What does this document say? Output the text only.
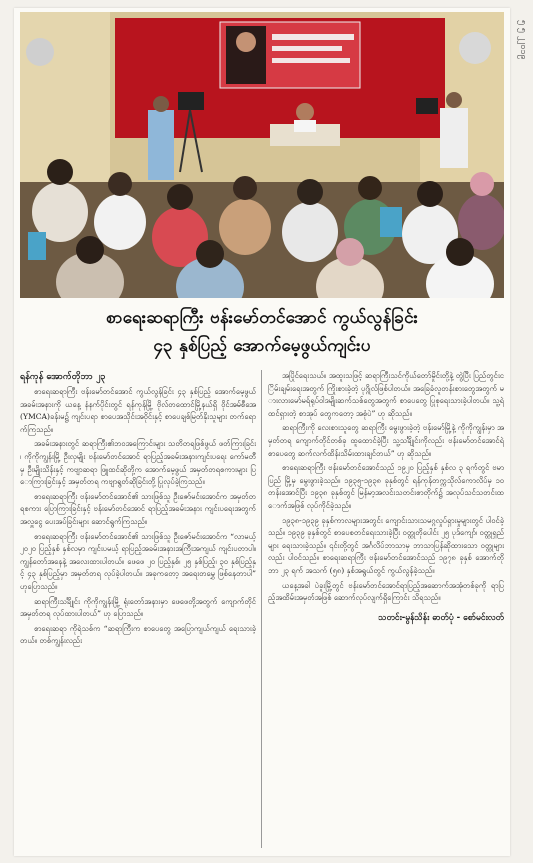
စာရေးဆရာကြီး ဗန်းမော်တင်အောင် ကွယ်လွန်ခြင်း
၄၃ နှစ်ပြည့် အောက်မေ့ဖွယ်ကျင်းပ
ရန်ကုန် အောက်တိုဘာ ၂၃

စာရေးဆရာကြီး ဗန်းမော်တင်အောင် ကွယ်လွန်ခြင်း ၄၃ နှစ်ပြည့် အောက်မေ့ဖွယ်အခမ်းအနားကို ယနေ့ နံနက်ပိုင်းတွင် ရန်ကုန်မြို့ ဗိုလ်တထောင်မြို့နယ်ရှိ ဝိုင်အမ်စီအေ (YMCA)ခန်းမ၌ ကျင်းပရာ စာပေအသိုင်းအဝိုင်းနှင့် စာပေချစ်မြတ်နိုးသူများ တက်ရောက်ကြသည်။

အခမ်းအနားတွင် ဆရာကြီး၏ဘဝအကြောင်းများ သတိတရဖြစ်ဖွယ် ဖတ်ကြားခြင်း၊ ကိုကိုကျွန်းမြို့ ဦးလှမျိုး ဗန်းမော်တင်အောင် ရာပြည့်အခမ်းအနားကျင်းပရေး ကော်မတီမှ ဦးမျိုးသိန်းနှင့် ကဗျာဆရာ ဖြူထင်ဆိုတို့က အောက်မေ့ဖွယ် အမှတ်တရစကားများ ပြောကြားခြင်းနှင့် အမှတ်တရ ကဗျာရွတ်ဆိုခြင်းတို့ ပြုလုပ်ခဲ့ကြသည်။

စာရေးဆရာကြီး ဗန်းမော်တင်အောင်၏ သားဖြစ်သူ ဦးဇော်မင်းအောင်က အမှတ်တရစကား ပြောကြားခြင်းနှင့် ဗန်းမော်တင်အောင် ရာပြည့်အခမ်းအနား ကျင်းပရေးအတွက် အလှူငွေ ပေးအပ်ခြင်းများ ဆောင်ရွက်ကြသည်။

စာရေးဆရာကြီး ဗန်းမော်တင်အောင်၏ သားဖြစ်သူ ဦးဇော်မင်းအောင်က “လာမယ့် ၂၀၂၀ ပြည့်နှစ် နှစ်လမှာ ကျင်းပမယ့် ရာပြည့်အခမ်းအနားအကြီးအကျယ် ကျင်းပတာပါ။ ကျွန်တော်အနေနဲ့ အလေးထားပါတယ်။ ဖေဖေ ၂၀ ပြည့်နှစ်၊ ၂၅ နှစ်ပြည့်၊ ၃၀ နှစ်ပြည့်နှင့် ၄၃ နှစ်ပြည့်မှာ အမှတ်တရ လုပ်ခဲ့ပါတယ်။ အခုကတော့ အရေးတမွှေ ဖြစ်နေတာပါ” ဟုပြောသည်။

ဆရာကြီးသင်္ချိုင်း ကိုကိုကျွန်းမြို့ ရုံးတော်အနားမှာ ဖေဖေတို့အတွက် ကျောက်တိုင်အမှတ်တရ လုပ်ထားပါတယ်” ဟု ပြောသည်။

စာရေးဆရာ ကိုရဲသစ်က “ဆရာကြီးက စာပေတွေ အပြောကျယ်ကျယ် ရေးသားခဲ့တယ်။ တစ်ကျွန်းလည်း

အပြိုင်ရေးသယ်။ အထူးသဖြင့် ဆရာကြီးသင်ကိုယ်တော်မှိုင်းတို့နဲ့ တွဲပြီး ပြည်တွင်းငြိမ်းချမ်းရေးအတွက် ကြိုးစားခဲ့တဲ့ ပုဂ္ဂိုလ်ဖြစ်ပါတယ်။ အခြေခံလူတန်းစားတွေအတွက် မားလားမော်မရ်ရုပ်ဝါဒမျိုးဆက်သစ်တွေအတွက် စာပေတွေ ပြုစုရေးသားခဲ့ပါတယ်။ သူ့ရဲ့ထင်ရှားတဲ့ စာအုပ် တွေကတော့ အစုံပဲ” ဟု ဆိုသည်။

ဆရာကြီးကို လေးစားသူတွေ ဆရာကြီး မွေးဖွားခဲ့တဲ့ ဗန်းမော်မြို့နဲ့ ကိုကိုကျွန်းမှာ အမှတ်တရ ကျောက်တိုင်တစ်ခု ထူထောင်ခဲ့ပြီး သူ့သင်္ချိုင်းကိုလည်း ဗန်းမော်တင်အောင်ရဲ့ စာပေတွေ ဆက်လက်ထိန်းသိမ်းထားချင်တယ်” ဟု ဆိုသည်။

စာရေးဆရာကြီး ဗန်းမော်တင်အောင်သည် ၁၉၂၀ ပြည့်နှစ် နှစ်လ ၃ ရက်တွင် ဗမာပြည် မြို့မှ မွေးဖွားခဲ့သည်။ ၁၉၃၅-၁၉၃၈ ခုနှစ်တွင် ရန်ကုန်တက္ကသိုလ်ကောလိပ်မှ ၁၀ တန်းအောင်ပြီး ၁၉၃၈ ခုနှစ်တွင် မြန်မာ့အလင်းသတင်းစာတိုက်၌ အလုပ်သင်သတင်းထောက်အဖြစ် လုပ်ကိုင်ခဲ့သည်။

၁၉၃၈-၁၉၃၉ ခုနှစ်ကာလများအတွင်း ကျောင်းသားသမဂ္ဂလှုပ်ရှားမှုများတွင် ပါဝင်ခဲ့သည်။ ၁၉၃၉ ခုနှစ်တွင် စာပေစတင်ရေးသားခဲ့ပြီး ဝတ္ထုတိုပေါင်း ၂၅ ပုဒ်ကျော်၊ ဝတ္ထုရှည်များ ရေးသားခဲ့သည်။ ၎င်းတို့တွင် အင်္ဂလိပ်ဘာသာမှ ဘာသာပြန်ဆိုထားသော ဝတ္ထုများလည်း ပါဝင်သည်။ စာရေးဆရာကြီး ဗန်းမော်တင်အောင်သည် ၁၉၇၈ ခုနှစ် အောက်တိုဘာ ၂၃ ရက် အသက် (၅၈) နှစ်အရွယ်တွင် ကွယ်လွန်ခဲ့သည်။

ယနေ့အခါ ပဲခူးမြို့တွင် ဗန်းမော်တင်အောင်ရာပြည့်အဆောက်အအုံတစ်ခုကို ရာပြည့်အထိမ်းအမှတ်အဖြစ် ဆောက်လုပ်လျက်ရှိကြောင်း သိရသည်။

သတင်း-မွန်သိန်း ဓာတ်ပုံ - စော်မင်းလတ်
၅ ၅ ၂
၂၀၁၉
